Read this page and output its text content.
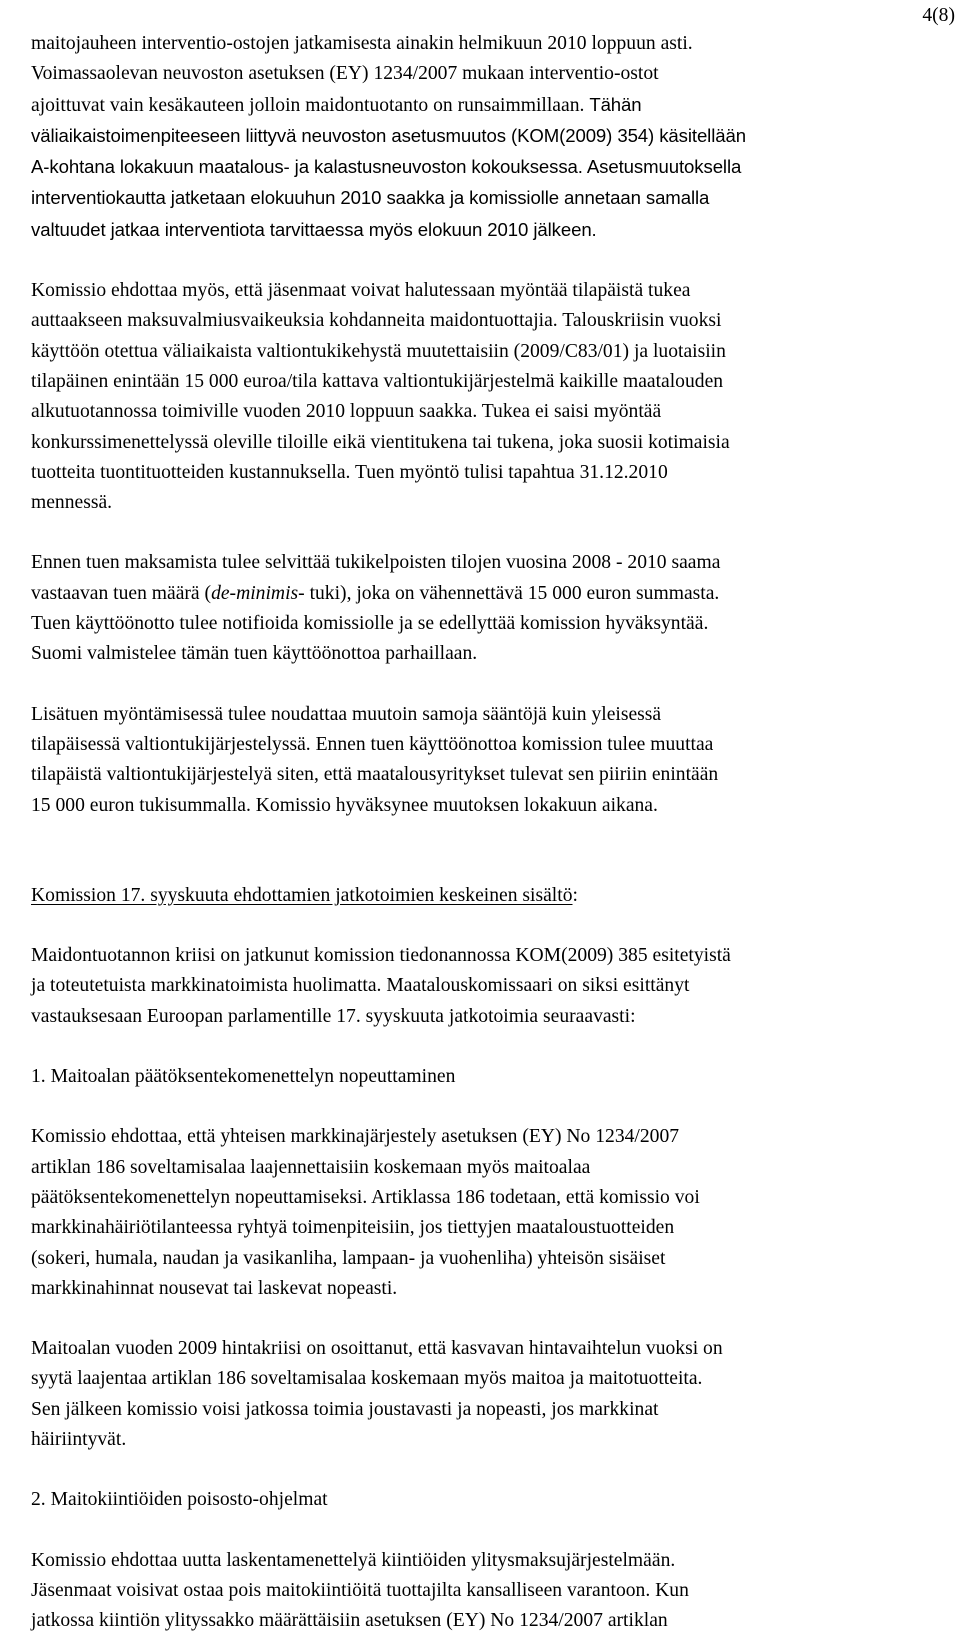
4(8)

maitojauheen interventio-ostojen jatkamisesta ainakin helmikuun 2010 loppuun asti.
Voimassaolevan neuvoston asetuksen (EY) 1234/2007 mukaan interventio-ostot
ajoittuvat vain kesäkauteen jolloin maidontuotanto on runsaimmillaan. Tähän
väliaikaistoimenpiteeseen liittyvä neuvoston asetusmuutos (KOM(2009) 354) käsitellään
A-kohtana lokakuun maatalous- ja kalastusneuvoston kokouksessa. Asetusmuutoksella
interventiokautta jatketaan elokuuhun 2010 saakka ja komissiolle annetaan samalla
valtuudet jatkaa interventiota tarvittaessa myös elokuun 2010 jälkeen.

Komissio ehdottaa myös, että jäsenmaat voivat halutessaan myöntää tilapäistä tukea
auttaakseen maksuvalmiusvaikeuksia kohdanneita maidontuottajia. Talouskriisin vuoksi
käyttöön otettua väliaikaista valtiontukikehystä muutettaisiin (2009/C83/01) ja luotaisiin
tilapäinen enintään 15 000 euroa/tila kattava valtiontukijärjestelmä kaikille maatalouden
alkutuotannossa toimiville vuoden 2010 loppuun saakka. Tukea ei saisi myöntää
konkurssimenettelyssä oleville tiloille eikä vientitukena tai tukena, joka suosii kotimaisia
tuotteita tuontituotteiden kustannuksella. Tuen myöntö tulisi tapahtua 31.12.2010
mennessä.

Ennen tuen maksamista tulee selvittää tukikelpoisten tilojen vuosina 2008 - 2010 saama
vastaavan tuen määrä (de-minimis- tuki), joka on vähennettävä 15 000 euron summasta.
Tuen käyttöönotto tulee notifioida komissiolle ja se edellyttää komission hyväksyntää.
Suomi valmistelee tämän tuen käyttöönottoa parhaillaan.

Lisätuen myöntämisessä tulee noudattaa muutoin samoja sääntöjä kuin yleisessä
tilapäisessä valtiontukijärjestelyssä. Ennen tuen käyttöönottoa komission tulee muuttaa
tilapäistä valtiontukijärjestelyä siten, että maatalousyritykset tulevat sen piiriin enintään
15 000 euron tukisummalla. Komissio hyväksynee muutoksen lokakuun aikana.

Komission 17. syyskuuta ehdottamien jatkotoimien keskeinen sisältö:

Maidontuotannon kriisi on jatkunut komission tiedonannossa KOM(2009) 385 esitetyistä
ja toteutetuista markkinatoimista huolimatta. Maatalouskomissaari on siksi esittänyt
vastauksesaan Euroopan parlamentille 17. syyskuuta jatkotoimia seuraavasti:

1. Maitoalan päätöksentekomenettelyn nopeuttaminen

Komissio ehdottaa, että yhteisen markkinajärjestely asetuksen (EY) No 1234/2007
artiklan 186 soveltamisalaa laajennettaisiin koskemaan myös maitoalaa
päätöksentekomenettelyn nopeuttamiseksi. Artiklassa 186 todetaan, että komissio voi
markkinahäiriötilanteessa ryhtyä toimenpiteisiin, jos tiettyjen maataloustuotteiden
(sokeri, humala, naudan ja vasikanliha, lampaan- ja vuohenliha) yhteisön sisäiset
markkinahinnat nousevat tai laskevat nopeasti.

Maitoalan vuoden 2009 hintakriisi on osoittanut, että kasvavan hintavaihtelun vuoksi on
syytä laajentaa artiklan 186 soveltamisalaa koskemaan myös maitoa ja maitotuotteita.
Sen jälkeen komissio voisi jatkossa toimia joustavasti ja nopeasti, jos markkinat
häiriintyvät.

2. Maitokiintiöiden poisosto-ohjelmat

Komissio ehdottaa uutta laskentamenettelyä kiintiöiden ylitysmaksujärjestelmään.
Jäsenmaat voisivat ostaa pois maitokiintiöitä tuottajilta kansalliseen varantoon. Kun
jatkossa kiintiön ylityssakko määrättäisiin asetuksen (EY) No 1234/2007 artiklan
